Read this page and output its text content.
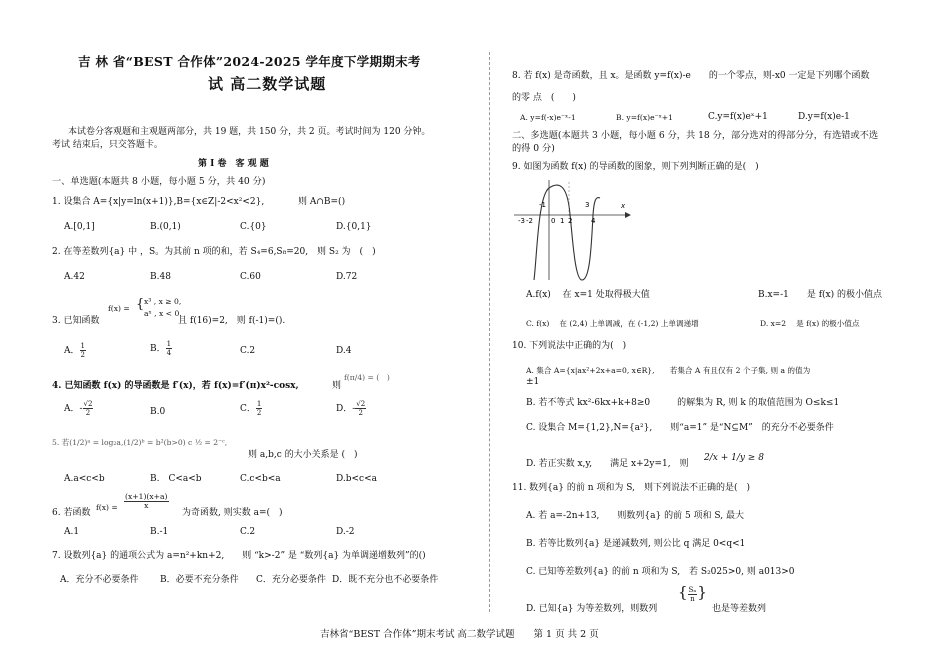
吉 林 省“BEST 合作体”2024-2025 学年度下学期期末考
试 高二数学试题
本试卷分客观题和主观题两部分，共 19 题，共 150 分，共 2 页。考试时间为 120 分钟。
考试 结束后，只交答题卡。
第 Ⅰ 卷　客 观 题
一、单选题(本题共 8 小题，每小题 5 分，共 40 分)
1. 设集合 A={x|y=ln(x+1)},B={x∈Z|-2<x²<2},	则 A∩B=()
A.[0,1]	B.(0,1)	C.{0}	D.{0,1}
2. 在等差数列{a} 中 ，S。为其前 n 项的和，若 S₄=6,S₈=20,　则 S₂ 为　(　)
A.42	B.48	C.60	D.72
3. 已知函数
f(x) = { x³ , x ≥ 0,
aˣ , x < 0.
且 f(16)=2,　则 f(-1)=().
A． $\frac{1}{2}$	B． $\frac{1}{4}$	C.2	D.4
4. 已知函数 f(x) 的导函数是 f′(x)，若 f(x)=f′(π)x²-cosx,	则
f(π/4) = (　)
A．- $\frac{√2}{2}$	B.0	C． $\frac{1}{2}$	D．- $\frac{√2}{2}$
5. 若(1/2)ᵃ = log₂a,(1/2)ᵇ = b²(b>0) c ½ = 2⁻ᶜ,
则 a,b,c 的大小关系是 (　)
A.a<c<b	B.　C<a<b	C.c<b<a	D.b<c<a
6. 若函数
$f(x) = \frac{(x+1)(x+a)}{x}$
为奇函数, 则实数 a=(　)
A.1	B.-1	C.2	D.-2
7. 设数列{a} 的通项公式为 a=n²+kn+2,　　则 “k>-2” 是 “数列{a} 为单调递增数列”的()
A．充分不必要条件 B．必要不充分条件 C．充分必要条件 D．既不充分也不必要条件
8. 若 f(x) 是奇函数，且 x。是函数 y=f(x)-e　　的一个零点，则-x0 一定是下列哪个函数
的零 点　(　　)
A. y=f(-x)e⁻ˣ-1	B. y=f(x)e⁻ˣ+1	C.y=f(x)eˣ+1	D.y=f(x)e-1
二、多选题(本题共 3 小题，每小题 6 分，共 18 分，部分选对的得部分分，有选错或不选
的得 0 分)
9. 如图为函数 f(x) 的导函数的图象，则下列判断正确的是(　)
-3 -2
-1
0 1 2
3
4
x
A.f(x)　 在 x=1 处取得极大值	B.x=-1　　是 f(x) 的极小值点
C. f(x)　 在 (2,4) 上单调减，在 (-1,2) 上单调递增	D. x=2　 是 f(x) 的极小值点
10. 下列说法中正确的为(　)
A. 集合 A={x|ax²+2x+a=0, x∈R},　　若集合 A 有且仅有 2 个子集, 则 a 的值为
±1
B. 若不等式 kx²-6kx+k+8≥0　　　的解集为 R, 则 k 的取值范围为 O≤k≤1
C. 设集合 M={1,2},N={a²},　　则“a=1” 是“N⊆M”　的充分不必要条件
D. 若正实数 x,y,　　满足 x+2y=1,　则
2/x + 1/y ≥ 8
11. 数列{a} 的前 n 项和为 S,　则下列说法不正确的是(　)
A. 若 a=-2n+13,　　则数列{a} 的前 5 项和 S, 最大
B. 若等比数列{a} 是递减数列, 则公比 q 满足 0<q<1
C. 已知等差数列{a} 的前 n 项和为 S,　若 S₂025>0, 则 a013>0
D. 已知{a} 为等差数列，则数列
{ $\frac{\text{Sₙ}}{n}$ }
也是等差数列
吉林省“BEST 合作体”期末考试 高二数学试题　　第 1 页 共 2 页
